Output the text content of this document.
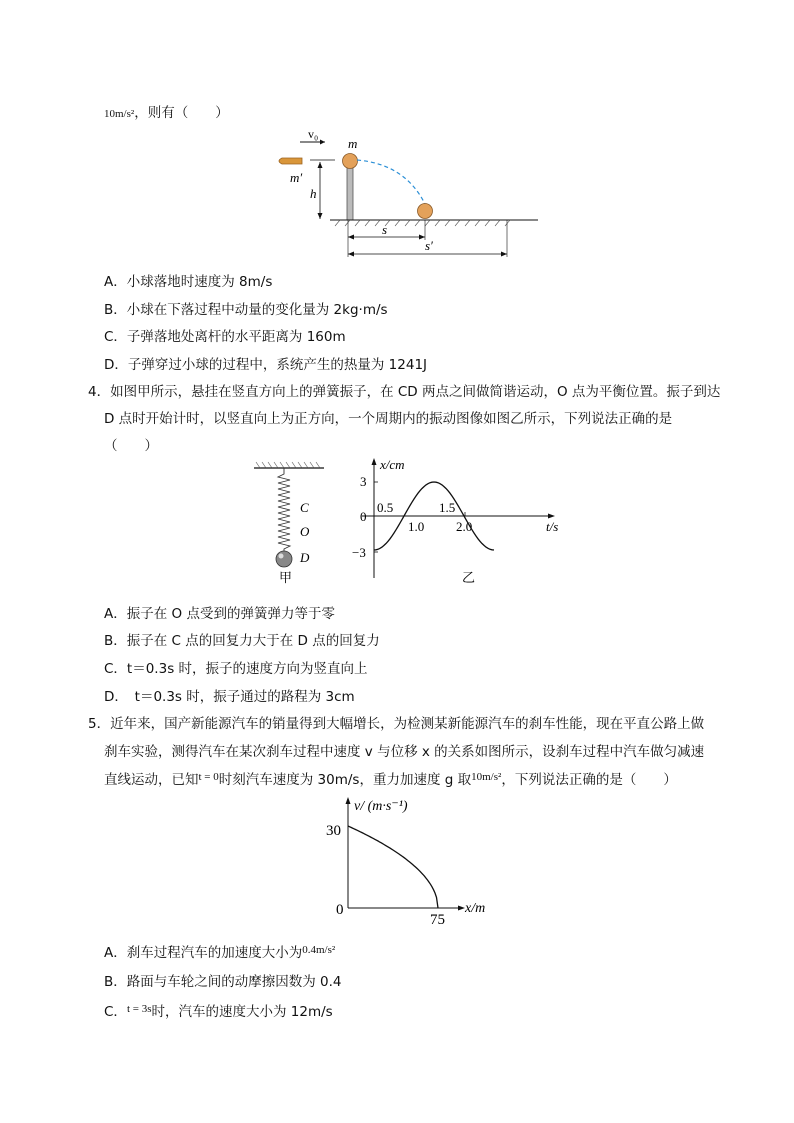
10m/s²，则有（　　）
v₀
m
m′
h
s
s′
A．小球落地时速度为 8m/s
B．小球在下落过程中动量的变化量为 2kg·m/s
C．子弹落地处离杆的水平距离为 160m
D．子弹穿过小球的过程中，系统产生的热量为 1241J
4．如图甲所示，悬挂在竖直方向上的弹簧振子，在 CD 两点之间做简谐运动，O 点为平衡位置。振子到达
D 点时开始计时，以竖直向上为正方向，一个周期内的振动图像如图乙所示，下列说法正确的是
（　　）
C
O
D
甲
x/cm
t/s
3
0
−3
0.5
1.0
1.5
2.0
乙
A．振子在 O 点受到的弹簧弹力等于零
B．振子在 C 点的回复力大于在 D 点的回复力
C．t＝0.3s 时，振子的速度方向为竖直向上
D．　t＝0.3s 时，振子通过的路程为 3cm
5．近年来，国产新能源汽车的销量得到大幅增长，为检测某新能源汽车的刹车性能，现在平直公路上做
刹车实验，测得汽车在某次刹车过程中速度 v 与位移 x 的关系如图所示，设刹车过程中汽车做匀减速
直线运动，已知$^{t = 0}$时刻汽车速度为 30m/s，重力加速度 g 取$^{10m/s^2}$，下列说法正确的是（　　）
v/ (m·s⁻¹)
x/m
30
0
75
A．刹车过程汽车的加速度大小为$^{0.4m/s^2}$
B．路面与车轮之间的动摩擦因数为 0.4
C．$^{t = 3s}$时，汽车的速度大小为 12m/s
